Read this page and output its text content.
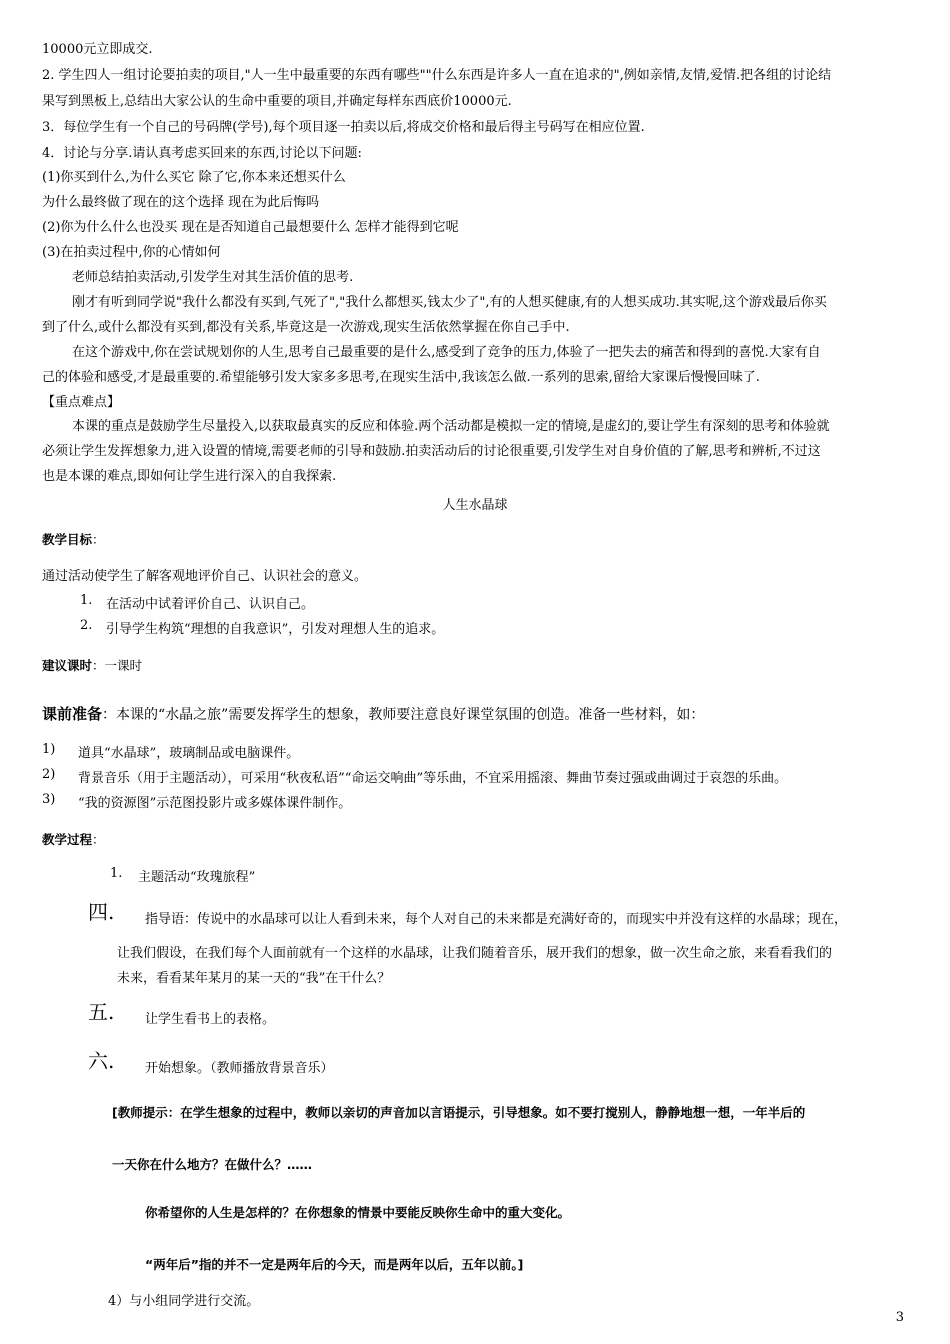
10000元立即成交.
2. 学生四人一组讨论要拍卖的项目,"人一生中最重要的东西有哪些""什么东西是许多人一直在追求的",例如亲情,友情,爱情.把各组的讨论结
果写到黑板上,总结出大家公认的生命中重要的项目,并确定每样东西底价10000元.
3．每位学生有一个自己的号码牌(学号),每个项目逐一拍卖以后,将成交价格和最后得主号码写在相应位置.
4．讨论与分享.请认真考虑买回来的东西,讨论以下问题:
(1)你买到什么,为什么买它 除了它,你本来还想买什么
为什么最终做了现在的这个选择 现在为此后悔吗
(2)你为什么什么也没买 现在是否知道自己最想要什么 怎样才能得到它呢
(3)在拍卖过程中,你的心情如何
老师总结拍卖活动,引发学生对其生活价值的思考.
刚才有听到同学说"我什么都没有买到,气死了","我什么都想买,钱太少了",有的人想买健康,有的人想买成功.其实呢,这个游戏最后你买
到了什么,或什么都没有买到,都没有关系,毕竟这是一次游戏,现实生活依然掌握在你自己手中.
在这个游戏中,你在尝试规划你的人生,思考自己最重要的是什么,感受到了竞争的压力,体验了一把失去的痛苦和得到的喜悦.大家有自
己的体验和感受,才是最重要的.希望能够引发大家多多思考,在现实生活中,我该怎么做.一系列的思索,留给大家课后慢慢回味了.
【重点难点】
本课的重点是鼓励学生尽量投入,以获取最真实的反应和体验.两个活动都是模拟一定的情境,是虚幻的,要让学生有深刻的思考和体验就
必须让学生发挥想象力,进入设置的情境,需要老师的引导和鼓励.拍卖活动后的讨论很重要,引发学生对自身价值的了解,思考和辨析,不过这
也是本课的难点,即如何让学生进行深入的自我探索.
人生水晶球
教学目标：
通过活动使学生了解客观地评价自己、认识社会的意义。
1. 在活动中试着评价自己、认识自己。
2. 引导学生构筑“理想的自我意识”，引发对理想人生的追求。
建议课时：一课时
课前准备：本课的“水晶之旅”需要发挥学生的想象，教师要注意良好课堂氛围的创造。准备一些材料，如：
1) 道具“水晶球”，玻璃制品或电脑课件。
2) 背景音乐（用于主题活动），可采用“秋夜私语”“命运交响曲”等乐曲，不宜采用摇滚、舞曲节奏过强或曲调过于哀怨的乐曲。
3) “我的资源图”示范图投影片或多媒体课件制作。
教学过程：
1. 主题活动“玫瑰旅程”
四. 指导语：传说中的水晶球可以让人看到未来，每个人对自己的未来都是充满好奇的，而现实中并没有这样的水晶球；现在，
让我们假设，在我们每个人面前就有一个这样的水晶球，让我们随着音乐，展开我们的想象，做一次生命之旅，来看看我们的
未来，看看某年某月的某一天的“我”在干什么？
五. 让学生看书上的表格。
六. 开始想象。（教师播放背景音乐）
[教师提示：在学生想象的过程中，教师以亲切的声音加以言语提示，引导想象。如不要打搅别人，静静地想一想，一年半后的
一天你在什么地方？在做什么？……
你希望你的人生是怎样的？在你想象的情景中要能反映你生命中的重大变化。
“两年后”指的并不一定是两年后的今天，而是两年以后，五年以前。]
4）与小组同学进行交流。
3
